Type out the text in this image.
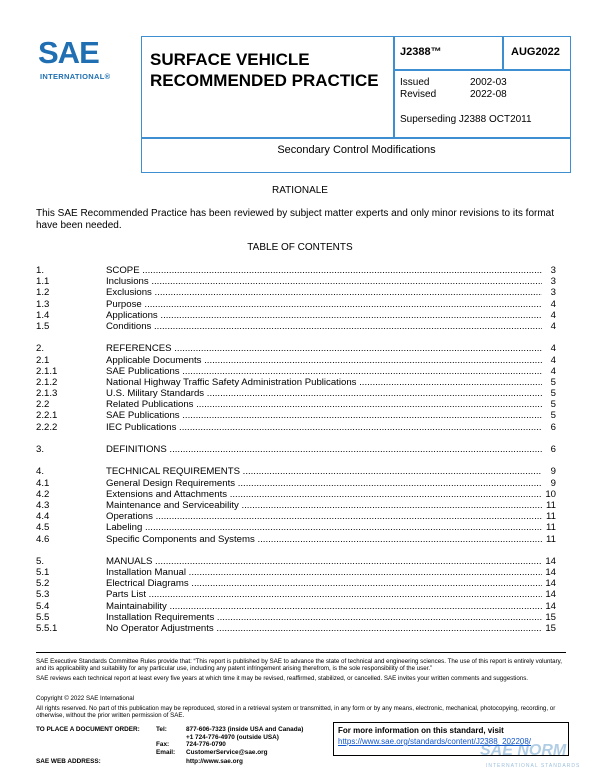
SAE
INTERNATIONAL®
SURFACE VEHICLE
RECOMMENDED PRACTICE
J2388™	AUG2022
Issued	2002-03
Revised	2022-08
Superseding J2388 OCT2011
Secondary Control Modifications
RATIONALE
This SAE Recommended Practice has been reviewed by subject matter experts and only minor revisions to its format have been needed.
TABLE OF CONTENTS
1.	SCOPE .....	3
1.1	Inclusions .....	3
1.2	Exclusions .....	3
1.3	Purpose .....	4
1.4	Applications .....	4
1.5	Conditions .....	4
2.	REFERENCES .....	4
2.1	Applicable Documents .....	4
2.1.1	SAE Publications .....	4
2.1.2	National Highway Traffic Safety Administration Publications .....	5
2.1.3	U.S. Military Standards .....	5
2.2	Related Publications .....	5
2.2.1	SAE Publications .....	5
2.2.2	IEC Publications .....	6
3.	DEFINITIONS .....	6
4.	TECHNICAL REQUIREMENTS .....	9
4.1	General Design Requirements .....	9
4.2	Extensions and Attachments .....	10
4.3	Maintenance and Serviceability .....	11
4.4	Operations .....	11
4.5	Labeling .....	11
4.6	Specific Components and Systems .....	11
5.	MANUALS .....	14
5.1	Installation Manual .....	14
5.2	Electrical Diagrams .....	14
5.3	Parts List .....	14
5.4	Maintainability .....	14
5.5	Installation Requirements .....	15
5.5.1	No Operator Adjustments .....	15
SAE Executive Standards Committee Rules provide that: “This report is published by SAE to advance the state of technical and engineering sciences. The use of this report is entirely voluntary, and its applicability and suitability for any particular use, including any patent infringement arising therefrom, is the sole responsibility of the user.”
SAE reviews each technical report at least every five years at which time it may be revised, reaffirmed, stabilized, or cancelled. SAE invites your written comments and suggestions.
Copyright © 2022 SAE International
All rights reserved. No part of this publication may be reproduced, stored in a retrieval system or transmitted, in any form or by any means, electronic, mechanical, photocopying, recording, or otherwise, without the prior written permission of SAE.
TO PLACE A DOCUMENT ORDER:	Tel:	877-606-7323 (inside USA and Canada)
+1 724-776-4970 (outside USA)
Fax:	724-776-0790
Email: CustomerService@sae.org
SAE WEB ADDRESS:	http://www.sae.org
For more information on this standard, visit
https://www.sae.org/standards/content/J2388_202208/
SAE NORM
INTERNATIONAL STANDARDS
